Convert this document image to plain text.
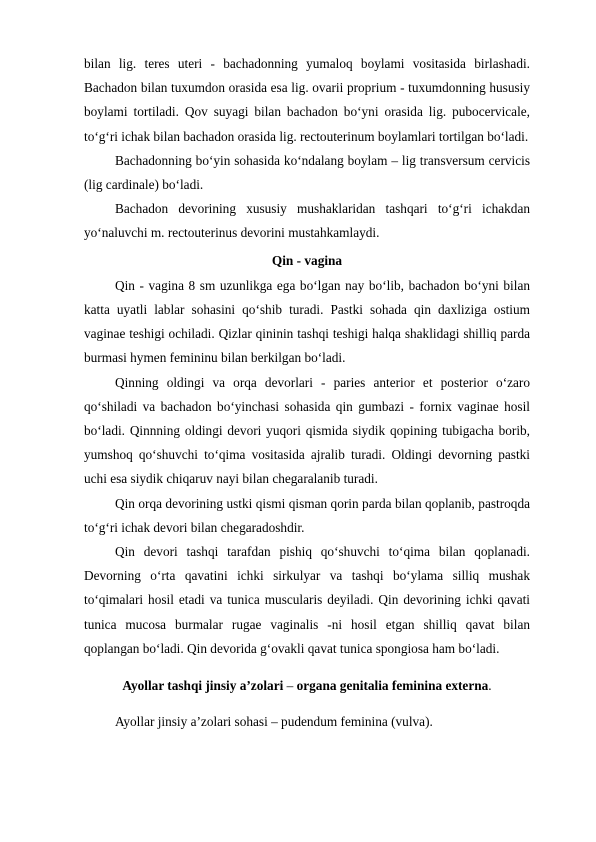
bilan lig. teres uteri - bachadonning yumaloq boylami vositasida birlashadi. Bachadon bilan tuxumdon orasida esa lig. ovarii proprium - tuxumdonning hususiy boylami tortiladi. Qov suyagi bilan bachadon bo‘yni orasida lig. pubocervicale, to‘g‘ri ichak bilan bachadon orasida lig. rectouterinum boylamlari tortilgan bo‘ladi.

Bachadonning bo‘yin sohasida ko‘ndalang boylam – lig transversum cervicis (lig cardinale) bo‘ladi.

Bachadon devorining xususiy mushaklaridan tashqari to‘g‘ri ichakdan yo‘naluvchi m. rectouterinus devorini mustahkamlaydi.

Qin - vagina

Qin - vagina 8 sm uzunlikga ega bo‘lgan nay bo‘lib, bachadon bo‘yni bilan katta uyatli lablar sohasini qo‘shib turadi. Pastki sohada qin daxliziga ostium vaginae teshigi ochiladi. Qizlar qininin tashqi teshigi halqa shaklidagi shilliq parda burmasi hymen femininu bilan berkilgan bo‘ladi.

Qinning oldingi va orqa devorlari - paries anterior et posterior o‘zaro qo‘shiladi va bachadon bo‘yinchasi sohasida qin gumbazi - fornix vaginae hosil bo‘ladi. Qinnning oldingi devori yuqori qismida siydik qopining tubigacha borib, yumshoq qo‘shuvchi to‘qima vositasida ajralib turadi. Oldingi devorning pastki uchi esa siydik chiqaruv nayi bilan chegaralanib turadi.

Qin orqa devorining ustki qismi qisman qorin parda bilan qoplanib, pastroqda to‘g‘ri ichak devori bilan chegaradoshdir.

Qin devori tashqi tarafdan pishiq qo‘shuvchi to‘qima bilan qoplanadi. Devorning o‘rta qavatini ichki sirkulyar va tashqi bo‘ylama silliq mushak to‘qimalari hosil etadi va tunica muscularis deyiladi. Qin devorining ichki qavati tunica mucosa burmalar rugae vaginalis -ni hosil etgan shilliq qavat bilan qoplangan bo‘ladi. Qin devorida g‘ovakli qavat tunica spongiosa ham bo‘ladi.

Ayollar tashqi jinsiy a’zolari – organa genitalia feminina externa.

Ayollar jinsiy a’zolari sohasi – pudendum feminina (vulva).
